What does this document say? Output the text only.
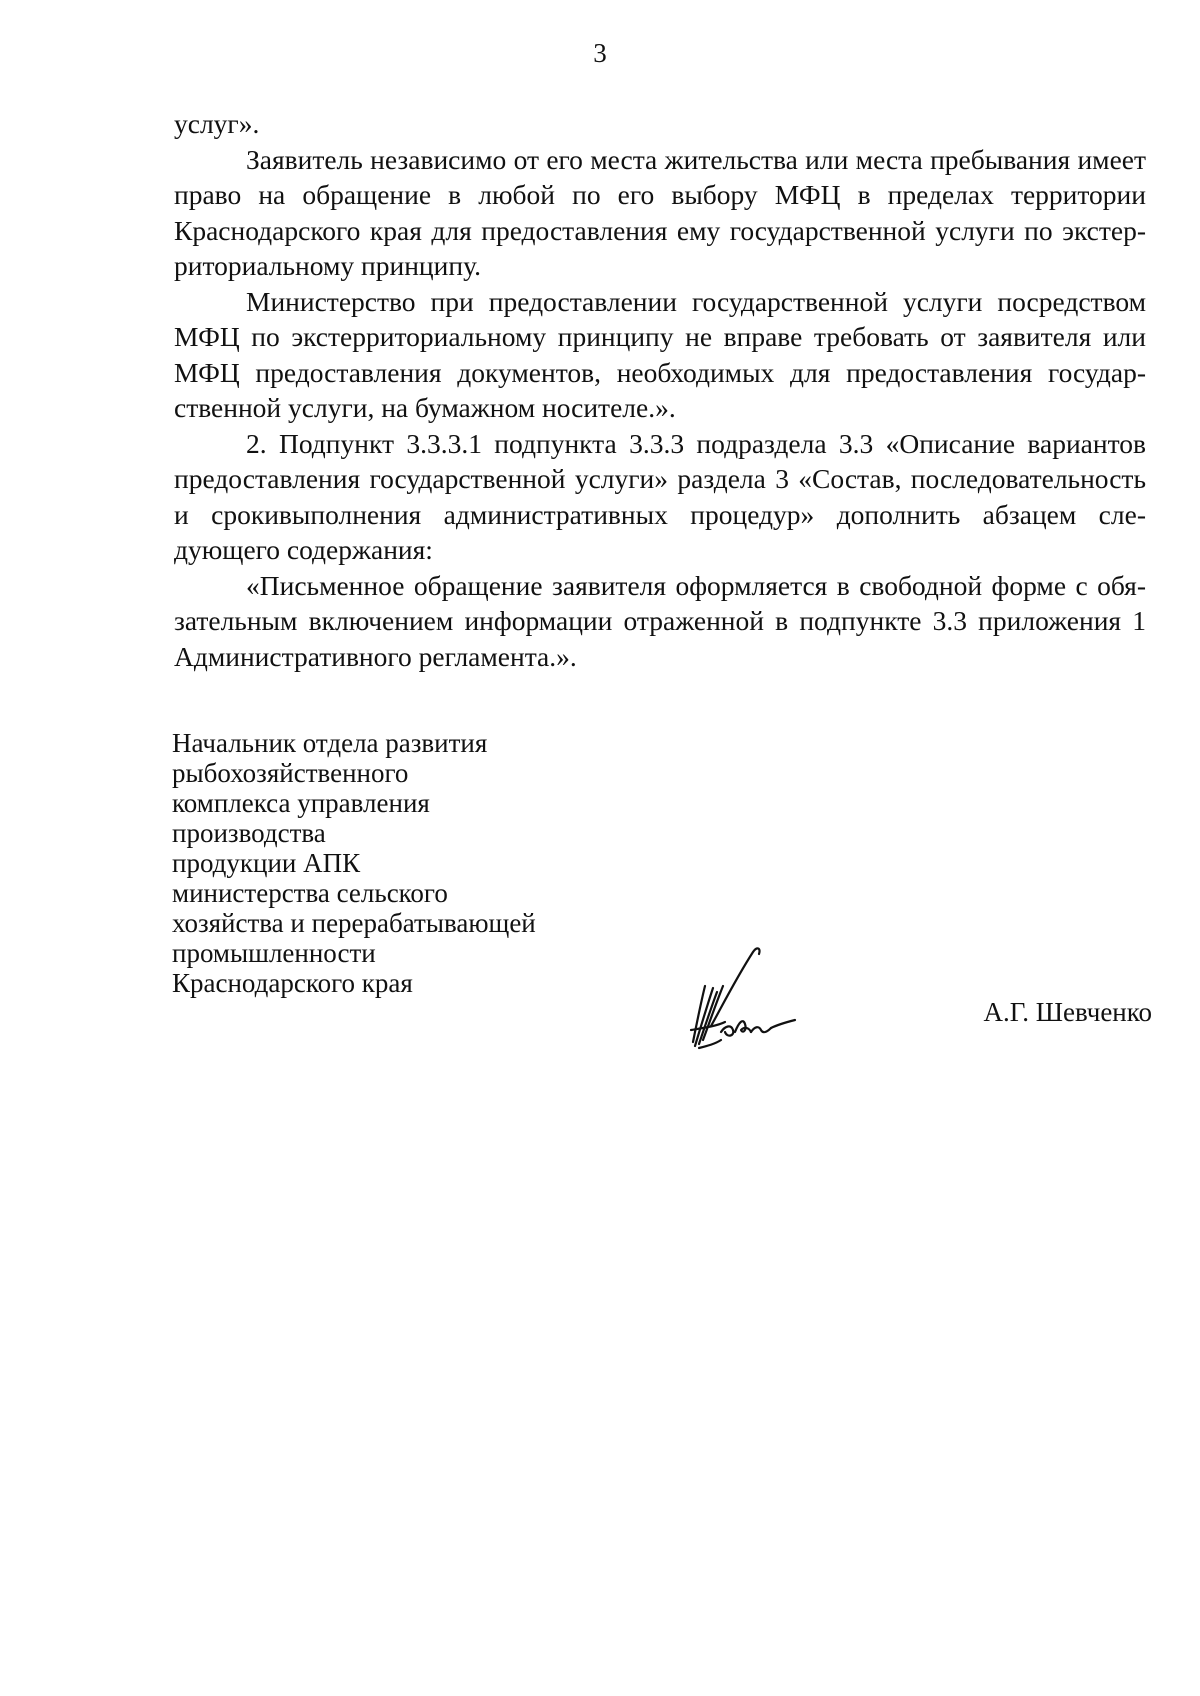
3

услуг».

Заявитель независимо от его места жительства или места пребывания имеет право на обращение в любой по его выбору МФЦ в пределах территории Краснодарского края для предоставления ему государственной услуги по экстерриториальному принципу.

Министерство при предоставлении государственной услуги посредством МФЦ по экстерриториальному принципу не вправе требовать от заявителя или МФЦ предоставления документов, необходимых для предоставления государственной услуги, на бумажном носителе.».

2. Подпункт 3.3.3.1 подпункта 3.3.3 подраздела 3.3 «Описание вариантов предоставления государственной услуги» раздела 3 «Состав, последовательность и срокивыполнения административных процедур» дополнить абзацем следующего содержания:

«Письменное обращение заявителя оформляется в свободной форме с обязательным включением информации отраженной в подпункте 3.3 приложения 1 Административного регламента.».

Начальник отдела развития
рыбохозяйственного
комплекса управления
производства
продукции АПК
министерства сельского
хозяйства и перерабатывающей
промышленности
Краснодарского края
А.Г. Шевченко
